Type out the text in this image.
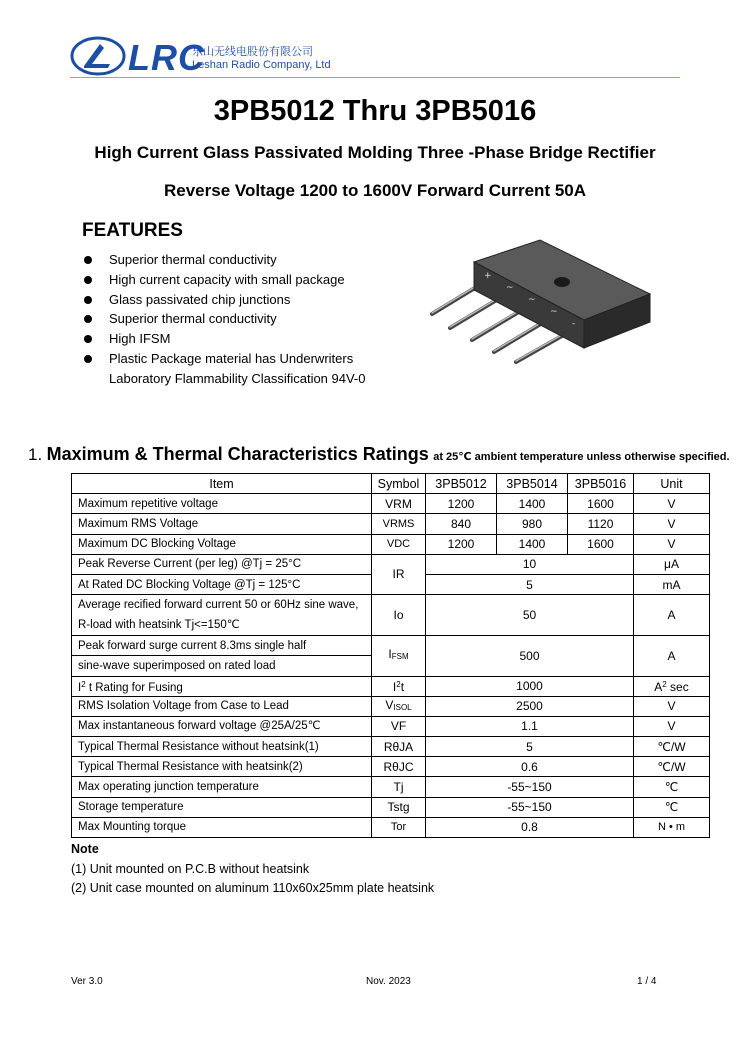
LRC
乐山无线电股份有限公司
Leshan Radio Company, Ltd
3PB5012 Thru 3PB5016
High Current Glass Passivated Molding Three -Phase Bridge Rectifier
Reverse Voltage 1200 to 1600V Forward Current 50A
FEATURES
Superior thermal conductivity
High current capacity with small package
Glass passivated chip junctions
Superior thermal conductivity
High IFSM
Plastic Package material has Underwriters
Laboratory Flammability Classification 94V-0
+
~
~
~
-
1. Maximum & Thermal Characteristics Ratings at 25℃ ambient temperature unless otherwise specified.
Item	Symbol	3PB5012	3PB5014	3PB5016	Unit
Maximum repetitive voltage	VRM	1200	1400	1600	V
Maximum RMS Voltage	VRMS	840	980	1120	V
Maximum DC Blocking Voltage	VDC	1200	1400	1600	V
Peak Reverse Current (per leg) @Tj = 25°C	IR	10			μA
At Rated DC Blocking Voltage @Tj = 125°C		5			mA

Average recified forward current 50 or 60Hz sine wave,
R-load with heatsink Tj<=150℃	Io	50			A
Peak forward surge current 8.3ms single half	$I_{FSM}$	500			A
sine-wave superimposed on rated load					
$I^2$ t Rating for Fusing	$I^2t$	1000			$A^2$ sec
RMS Isolation Voltage from Case to Lead	$V_{ISOL}$	2500			V
Max instantaneous forward voltage @25A/25℃	VF	1.1			V
Typical Thermal Resistance without heatsink(1)	RθJA	5			℃/W
Typical Thermal Resistance with heatsink(2)	RθJC	0.6			℃/W
Max operating junction temperature	Tj	-55~150			℃
Storage temperature	Tstg	-55~150			℃
Max Mounting torque	Tor	0.8			N • m
Note
(1) Unit mounted on P.C.B without heatsink
(2) Unit case mounted on aluminum 110x60x25mm plate heatsink
Ver 3.0	Nov. 2023	1 / 4
